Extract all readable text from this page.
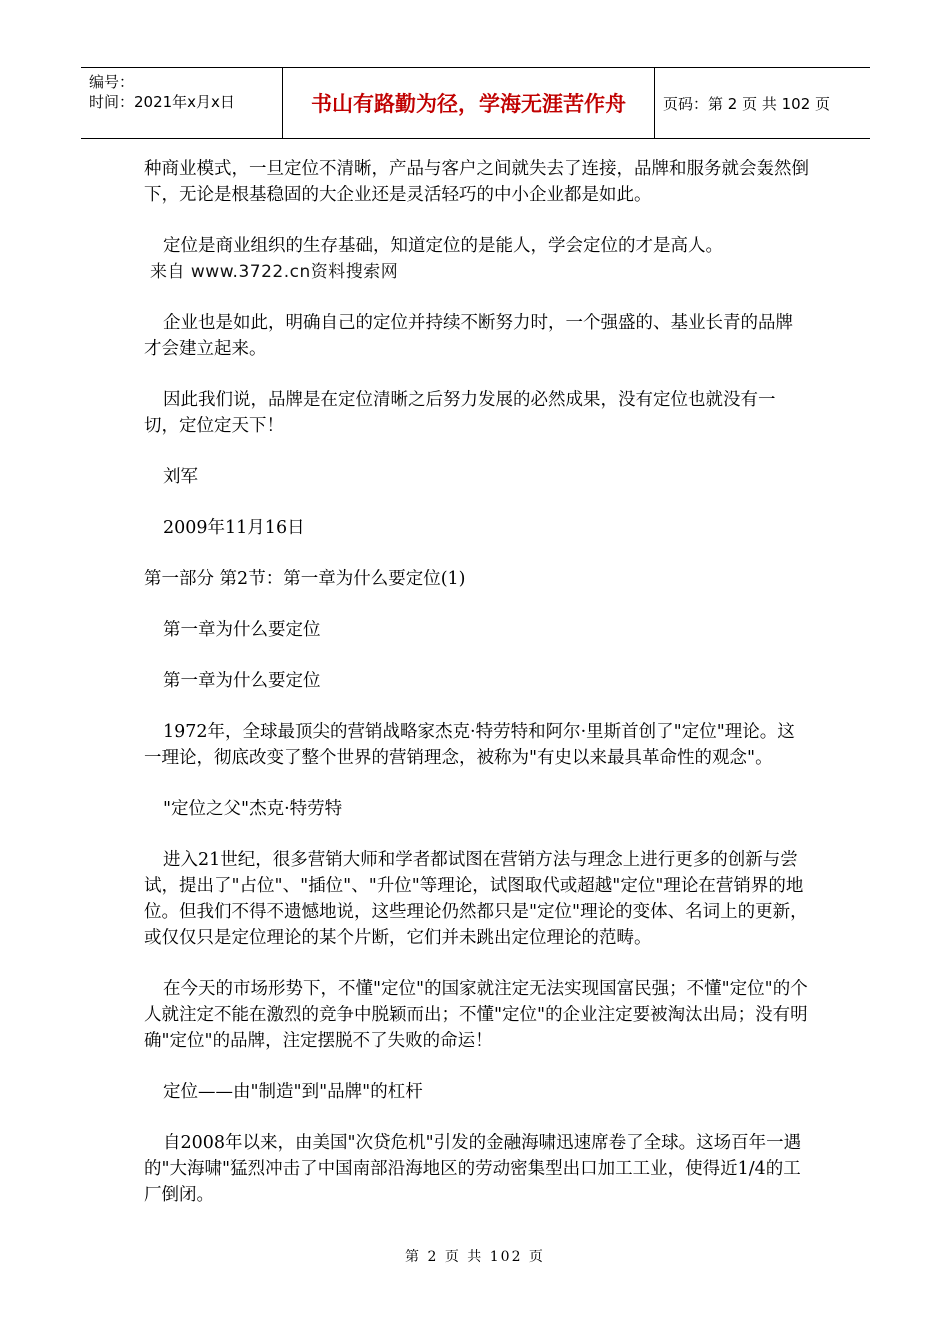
编号：
时间：2021年x月x日	书山有路勤为径，学海无涯苦作舟 页码：第 2 页 共 102 页

种商业模式，一旦定位不清晰，产品与客户之间就失去了连接，品牌和服务就会轰然倒下，无论是根基稳固的大企业还是灵活轻巧的中小企业都是如此。

定位是商业组织的生存基础，知道定位的是能人，学会定位的才是高人。

来自 www.3722.cn资料搜索网

企业也是如此，明确自己的定位并持续不断努力时，一个强盛的、基业长青的品牌才会建立起来。

因此我们说，品牌是在定位清晰之后努力发展的必然成果，没有定位也就没有一切，定位定天下！

刘军

2009年11月16日

第一部分 第2节：第一章为什么要定位(1)

第一章为什么要定位

第一章为什么要定位

1972年，全球最顶尖的营销战略家杰克·特劳特和阿尔·里斯首创了"定位"理论。这一理论，彻底改变了整个世界的营销理念，被称为"有史以来最具革命性的观念"。

"定位之父"杰克·特劳特

进入21世纪，很多营销大师和学者都试图在营销方法与理念上进行更多的创新与尝试，提出了"占位"、"插位"、"升位"等理论，试图取代或超越"定位"理论在营销界的地位。但我们不得不遗憾地说，这些理论仍然都只是"定位"理论的变体、名词上的更新，或仅仅只是定位理论的某个片断，它们并未跳出定位理论的范畴。

在今天的市场形势下，不懂"定位"的国家就注定无法实现国富民强；不懂"定位"的个人就注定不能在激烈的竞争中脱颖而出；不懂"定位"的企业注定要被淘汰出局；没有明确"定位"的品牌，注定摆脱不了失败的命运！

定位——由"制造"到"品牌"的杠杆

自2008年以来，由美国"次贷危机"引发的金融海啸迅速席卷了全球。这场百年一遇的"大海啸"猛烈冲击了中国南部沿海地区的劳动密集型出口加工工业，使得近1/4的工厂倒闭。

第 2 页 共 102 页
